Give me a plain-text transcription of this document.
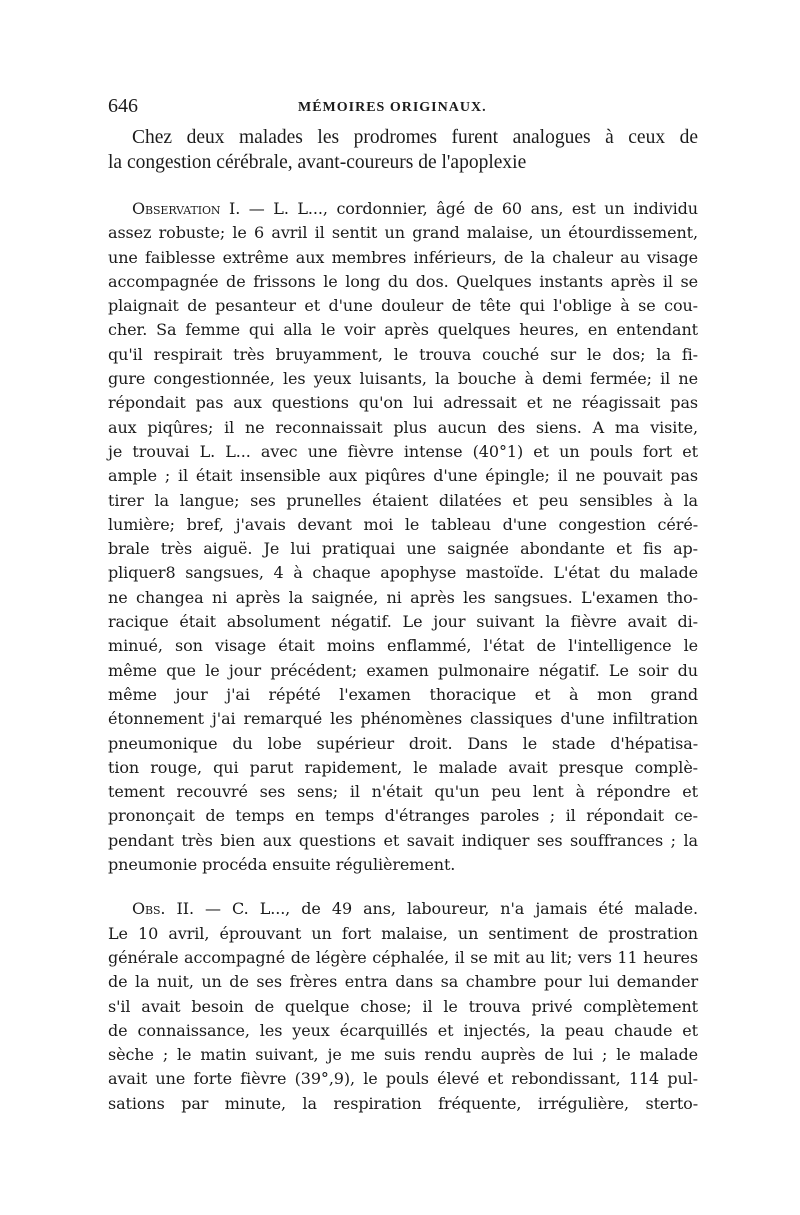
646	MÉMOIRES ORIGINAUX.

Chez deux malades les prodromes furent analogues à ceux de
la congestion cérébrale, avant-coureurs de l'apoplexie

Observation I. — L. L..., cordonnier, âgé de 60 ans, est un individu
assez robuste; le 6 avril il sentit un grand malaise, un étourdissement,
une faiblesse extrême aux membres inférieurs, de la chaleur au visage
accompagnée de frissons le long du dos. Quelques instants après il se
plaignait de pesanteur et d'une douleur de tête qui l'oblige à se cou-
cher. Sa femme qui alla le voir après quelques heures, en entendant
qu'il respirait très bruyamment, le trouva couché sur le dos; la fi-
gure congestionnée, les yeux luisants, la bouche à demi fermée; il ne
répondait pas aux questions qu'on lui adressait et ne réagissait pas
aux piqûres; il ne reconnaissait plus aucun des siens. A ma visite,
je trouvai L. L... avec une fièvre intense (40°1) et un pouls fort et
ample ; il était insensible aux piqûres d'une épingle; il ne pouvait pas
tirer la langue; ses prunelles étaient dilatées et peu sensibles à la
lumière; bref, j'avais devant moi le tableau d'une congestion céré-
brale très aiguë. Je lui pratiquai une saignée abondante et fis ap-
pliquer8 sangsues, 4 à chaque apophyse mastoïde. L'état du malade
ne changea ni après la saignée, ni après les sangsues. L'examen tho-
racique était absolument négatif. Le jour suivant la fièvre avait di-
minué, son visage était moins enflammé, l'état de l'intelligence le
même que le jour précédent; examen pulmonaire négatif. Le soir du
même jour j'ai répété l'examen thoracique et à mon grand
étonnement j'ai remarqué les phénomènes classiques d'une infiltration
pneumonique du lobe supérieur droit. Dans le stade d'hépatisa-
tion rouge, qui parut rapidement, le malade avait presque complè-
tement recouvré ses sens; il n'était qu'un peu lent à répondre et
prononçait de temps en temps d'étranges paroles ; il répondait ce-
pendant très bien aux questions et savait indiquer ses souffrances ; la
pneumonie procéda ensuite régulièrement.
Obs. II. — C. L..., de 49 ans, laboureur, n'a jamais été malade.
Le 10 avril, éprouvant un fort malaise, un sentiment de prostration
générale accompagné de légère céphalée, il se mit au lit; vers 11 heures
de la nuit, un de ses frères entra dans sa chambre pour lui demander
s'il avait besoin de quelque chose; il le trouva privé complètement
de connaissance, les yeux écarquillés et injectés, la peau chaude et
sèche ; le matin suivant, je me suis rendu auprès de lui ; le malade
avait une forte fièvre (39°,9), le pouls élevé et rebondissant, 114 pul-
sations par minute, la respiration fréquente, irrégulière, sterto-
